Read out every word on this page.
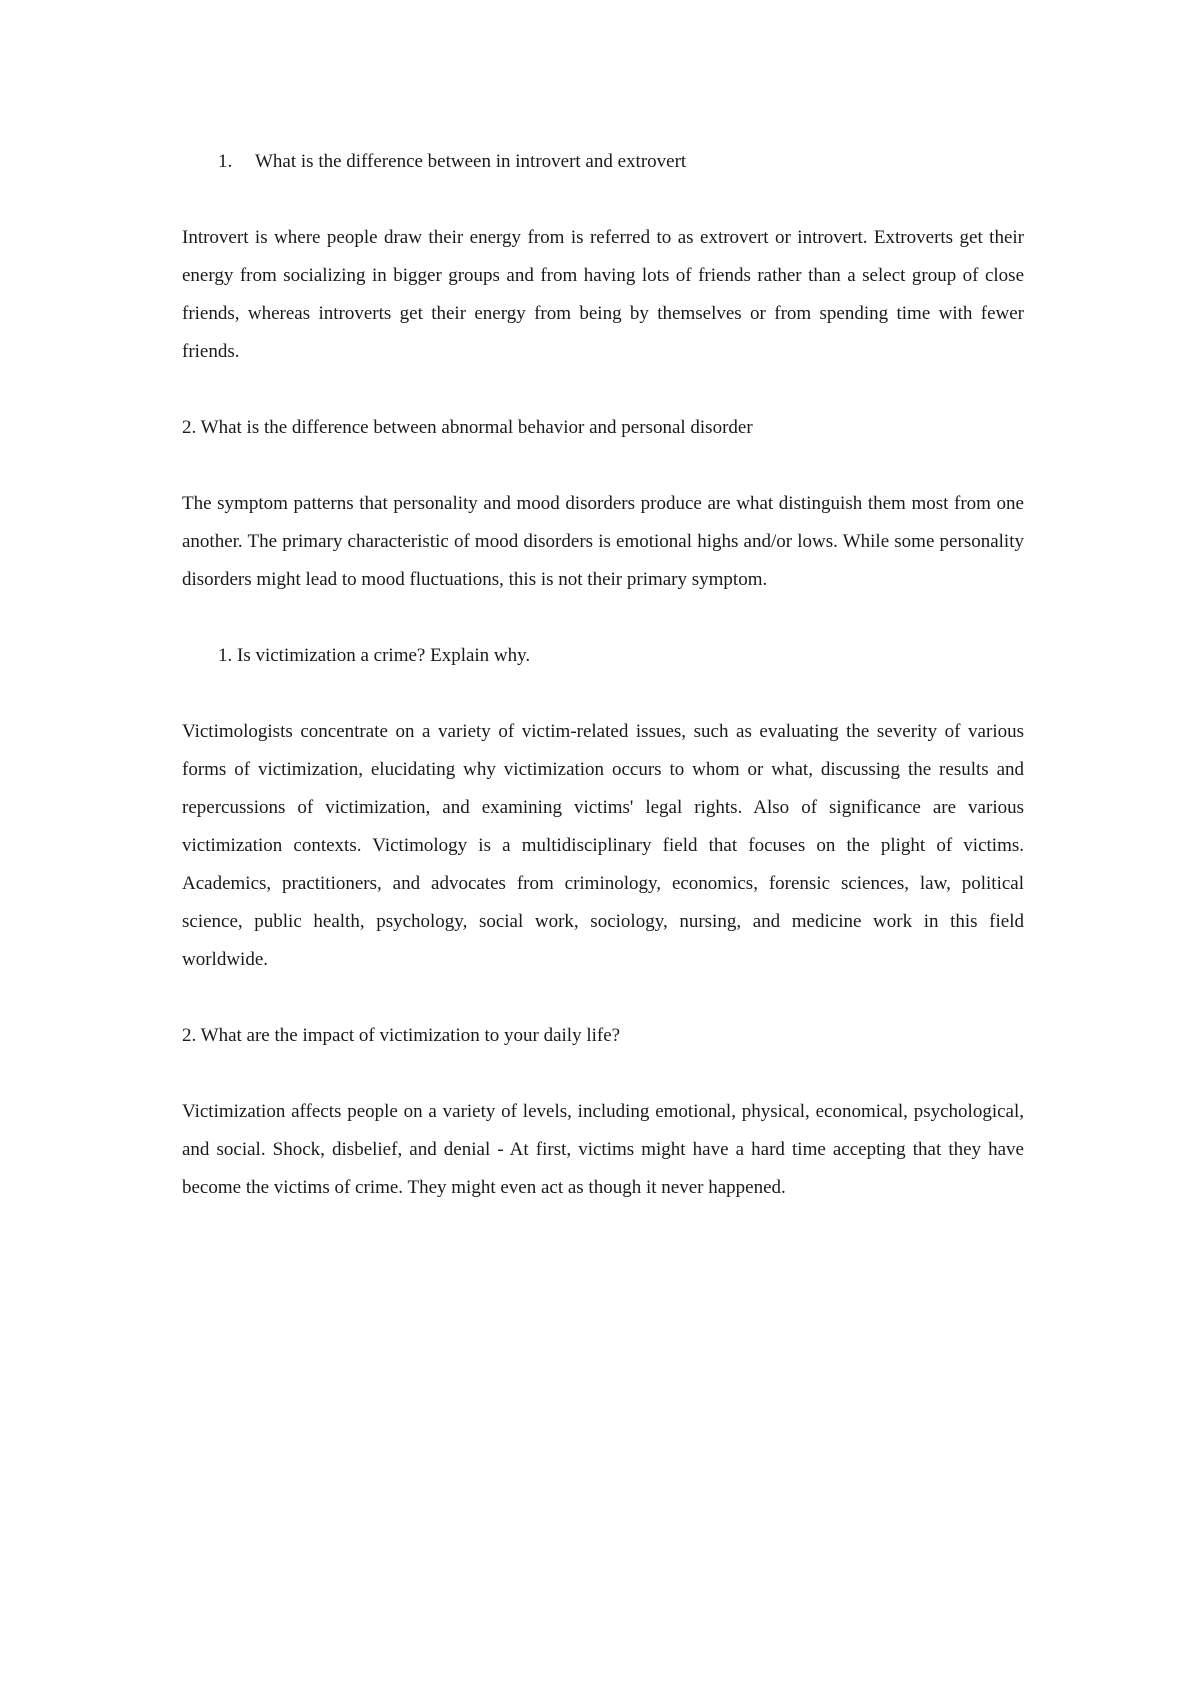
1. What is the difference between in introvert and extrovert

Introvert is where people draw their energy from is referred to as extrovert or introvert. Extroverts get their energy from socializing in bigger groups and from having lots of friends rather than a select group of close friends, whereas introverts get their energy from being by themselves or from spending time with fewer friends.

2. What is the difference between abnormal behavior and personal disorder

The symptom patterns that personality and mood disorders produce are what distinguish them most from one another. The primary characteristic of mood disorders is emotional highs and/or lows. While some personality disorders might lead to mood fluctuations, this is not their primary symptom.

1. Is victimization a crime? Explain why.

Victimologists concentrate on a variety of victim-related issues, such as evaluating the severity of various forms of victimization, elucidating why victimization occurs to whom or what, discussing the results and repercussions of victimization, and examining victims' legal rights. Also of significance are various victimization contexts. Victimology is a multidisciplinary field that focuses on the plight of victims. Academics, practitioners, and advocates from criminology, economics, forensic sciences, law, political science, public health, psychology, social work, sociology, nursing, and medicine work in this field worldwide.

2. What are the impact of victimization to your daily life?

Victimization affects people on a variety of levels, including emotional, physical, economical, psychological, and social. Shock, disbelief, and denial - At first, victims might have a hard time accepting that they have become the victims of crime. They might even act as though it never happened.
